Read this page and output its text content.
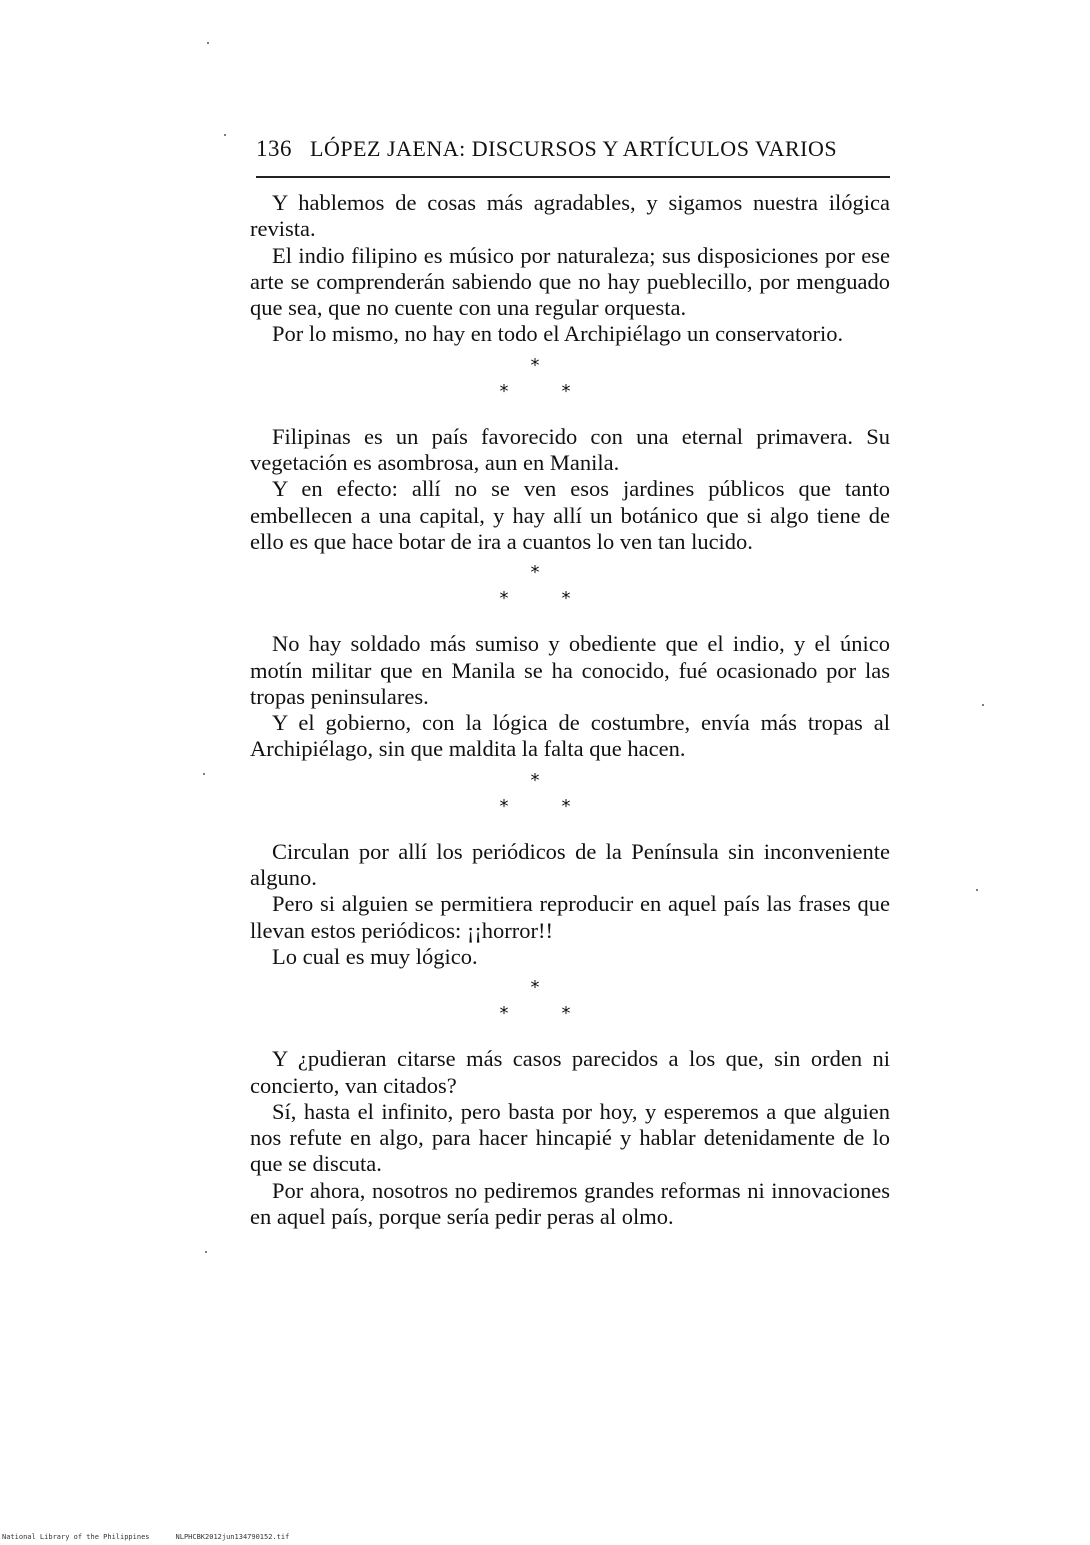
136 LÓPEZ JAENA: DISCURSOS Y ARTÍCULOS VARIOS

Y hablemos de cosas más agradables, y sigamos nuestra ilógica revista.

El indio filipino es músico por naturaleza; sus disposiciones por ese arte se comprenderán sabiendo que no hay pueblecillo, por menguado que sea, que no cuente con una regular orquesta.

Por lo mismo, no hay en todo el Archipiélago un conservatorio.

*
*	*

Filipinas es un país favorecido con una eternal primavera. Su vegetación es asombrosa, aun en Manila.

Y en efecto: allí no se ven esos jardines públicos que tanto embellecen a una capital, y hay allí un botánico que si algo tiene de ello es que hace botar de ira a cuantos lo ven tan lucido.

*
*	*

No hay soldado más sumiso y obediente que el indio, y el único motín militar que en Manila se ha conocido, fué ocasionado por las tropas peninsulares.

Y el gobierno, con la lógica de costumbre, envía más tropas al Archipiélago, sin que maldita la falta que hacen.

*
*	*

Circulan por allí los periódicos de la Península sin inconveniente alguno.

Pero si alguien se permitiera reproducir en aquel país las frases que llevan estos periódicos: ¡¡horror!!

Lo cual es muy lógico.

*
*	*

Y ¿pudieran citarse más casos parecidos a los que, sin orden ni concierto, van citados?

Sí, hasta el infinito, pero basta por hoy, y esperemos a que alguien nos refute en algo, para hacer hincapié y hablar detenidamente de lo que se discuta.

Por ahora, nosotros no pediremos grandes reformas ni innovaciones en aquel país, porque sería pedir peras al olmo.

National Library of the Philippines	NLPHCBK2012jun134790152.tif
